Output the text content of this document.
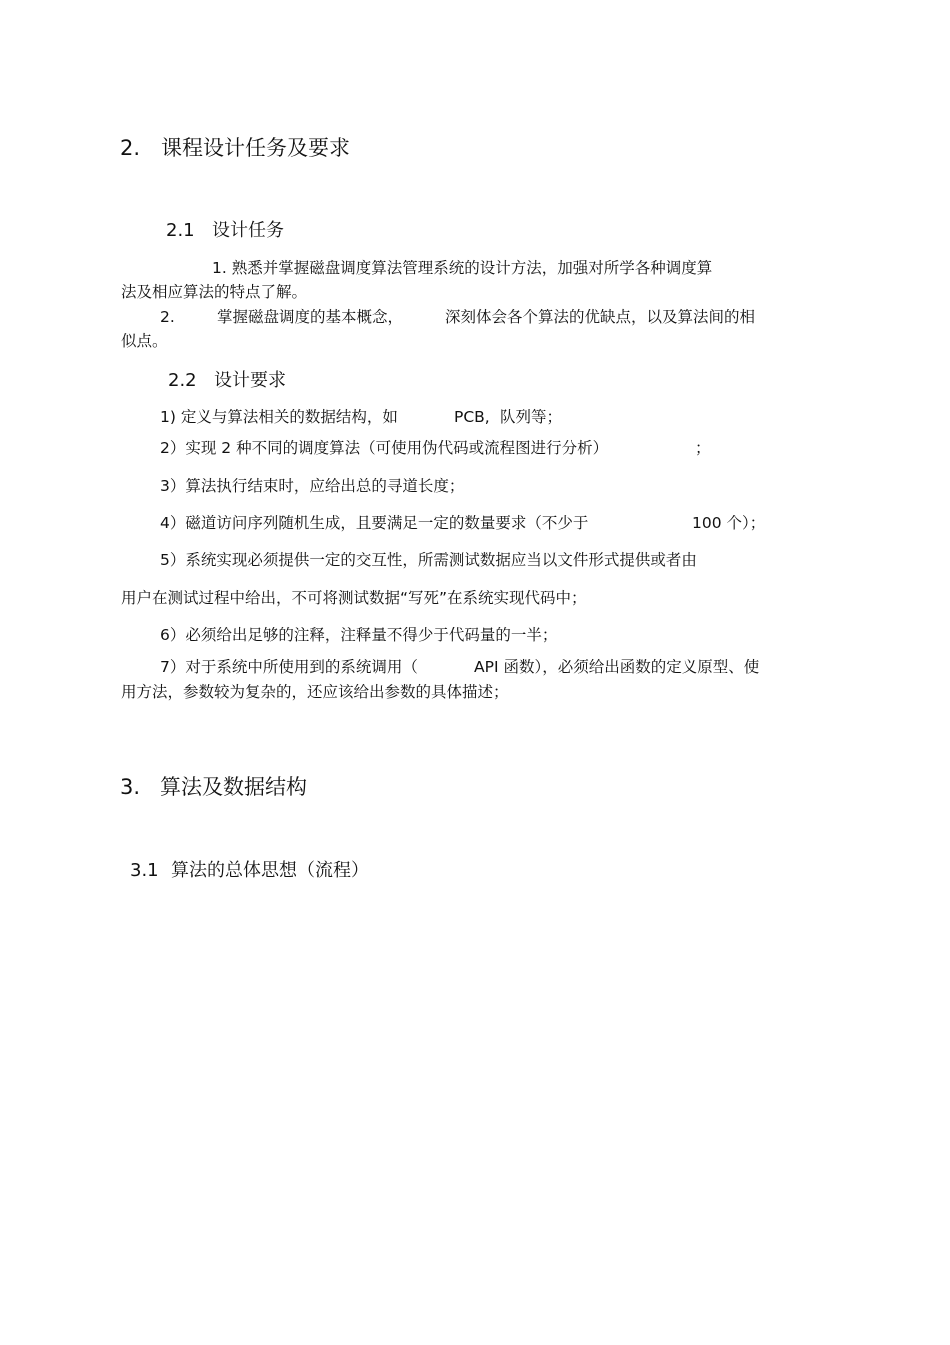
2. 课程设计任务及要求
2.1 设计任务
1. 熟悉并掌握磁盘调度算法管理系统的设计方法，加强对所学各种调度算
法及相应算法的特点了解。
2.	掌握磁盘调度的基本概念，	深刻体会各个算法的优缺点，以及算法间的相
似点。
2.2 设计要求
1) 定义与算法相关的数据结构，如	PCB, 队列等；
2）实现 2 种不同的调度算法（可使用伪代码或流程图进行分析）	；
3）算法执行结束时，应给出总的寻道长度；
4）磁道访问序列随机生成，且要满足一定的数量要求（不少于	100 个）；
5）系统实现必须提供一定的交互性，所需测试数据应当以文件形式提供或者由
用户在测试过程中给出，不可将测试数据“写死”在系统实现代码中；
6）必须给出足够的注释，注释量不得少于代码量的一半；
7）对于系统中所使用到的系统调用（	API 函数），必须给出函数的定义原型、使
用方法，参数较为复杂的，还应该给出参数的具体描述；
3. 算法及数据结构
3.1 算法的总体思想（流程）
